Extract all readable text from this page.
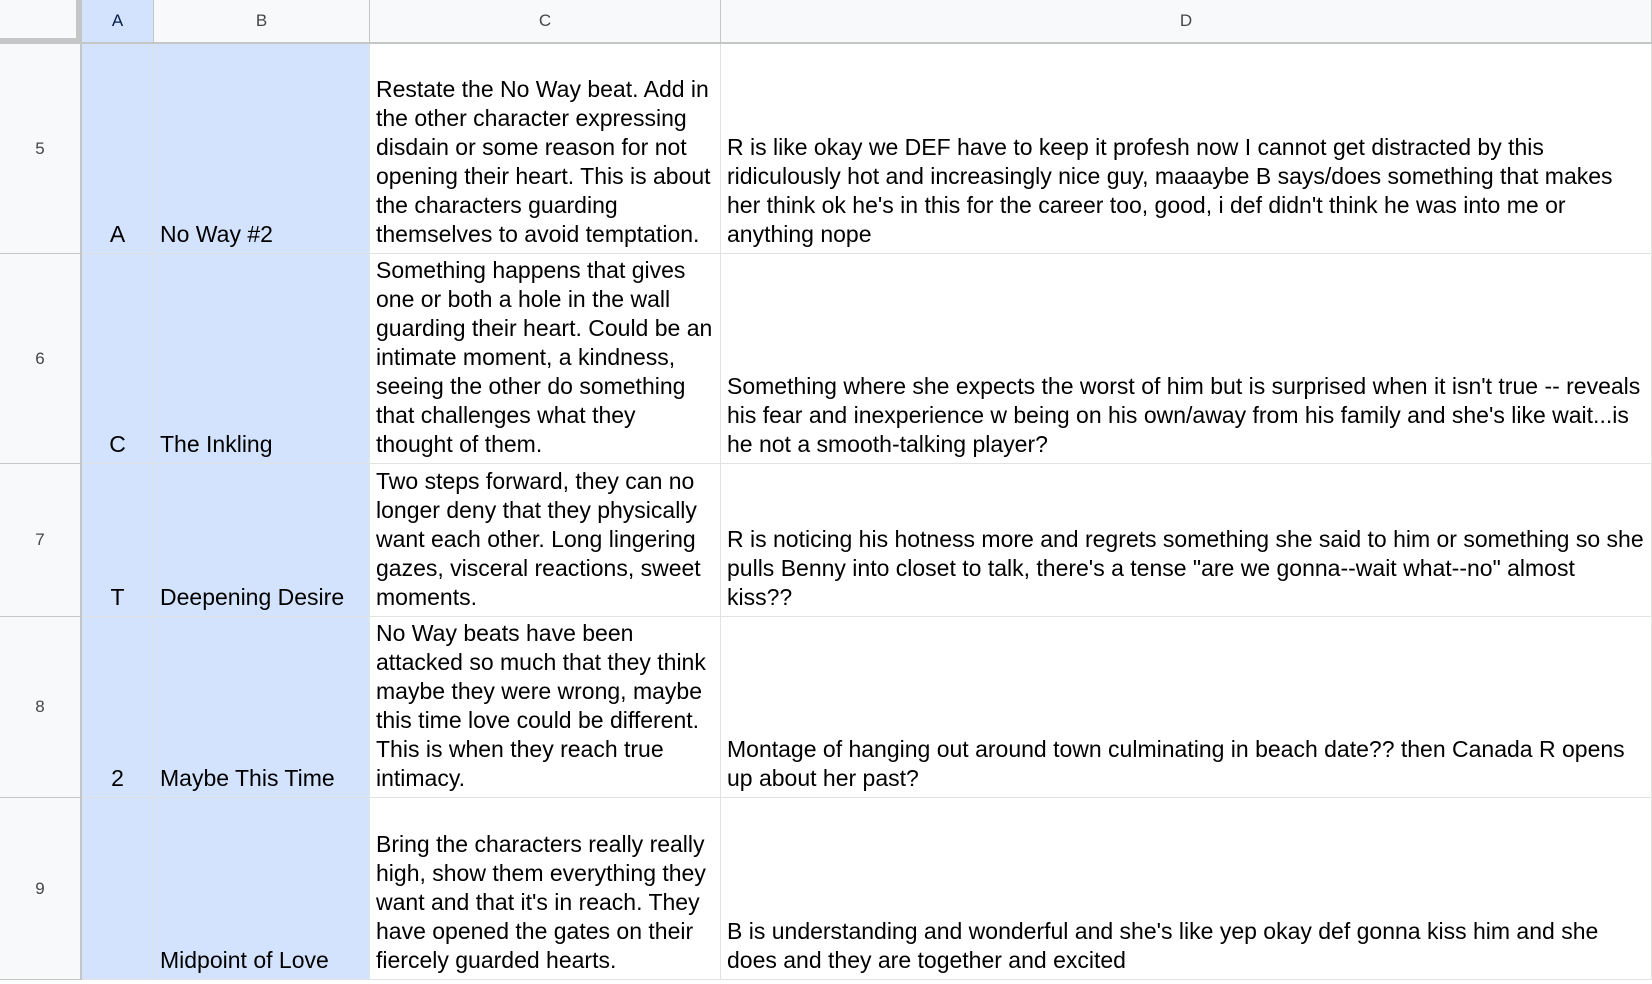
A	B	C	D
5
A No Way #2
Restate the No Way beat. Add in the other character expressing disdain or some reason for not opening their heart. This is about the characters guarding themselves to avoid temptation.
R is like okay we DEF have to keep it profesh now I cannot get distracted by this ridiculously hot and increasingly nice guy, maaaybe B says/does something that makes her think ok he's in this for the career too, good, i def didn't think he was into me or anything nope
6
C The Inkling
Something happens that gives one or both a hole in the wall guarding their heart. Could be an intimate moment, a kindness, seeing the other do something that challenges what they thought of them.
Something where she expects the worst of him but is surprised when it isn't true -- reveals his fear and inexperience w being on his own/away from his family and she's like wait...is he not a smooth-talking player?
7
T Deepening Desire
Two steps forward, they can no longer deny that they physically want each other. Long lingering gazes, visceral reactions, sweet moments.
R is noticing his hotness more and regrets something she said to him or something so she pulls Benny into closet to talk, there's a tense "are we gonna--wait what--no" almost kiss??
8
2 Maybe This Time
No Way beats have been attacked so much that they think maybe they were wrong, maybe this time love could be different. This is when they reach true intimacy.
Montage of hanging out around town culminating in beach date?? then Canada R opens up about her past?
9
Midpoint of Love
Bring the characters really really high, show them everything they want and that it's in reach. They have opened the gates on their fiercely guarded hearts.
B is understanding and wonderful and she's like yep okay def gonna kiss him and she does and they are together and excited
